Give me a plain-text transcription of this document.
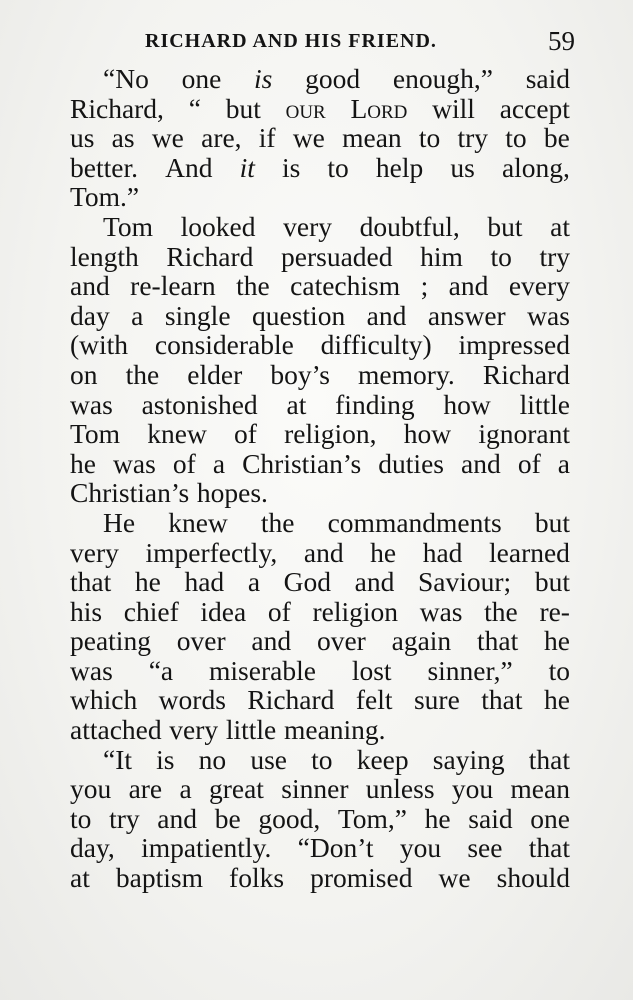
RICHARD AND HIS FRIEND.	59
“No one is good enough,” said
Richard, “ but our Lord will accept
us as we are, if we mean to try to be
better. And it is to help us along,
Tom.”
Tom looked very doubtful, but at
length Richard persuaded him to try
and re-learn the catechism ; and every
day a single question and answer was
(with considerable difficulty) impressed
on the elder boy’s memory. Richard
was astonished at finding how little
Tom knew of religion, how ignorant
he was of a Christian’s duties and of a
Christian’s hopes.
He knew the commandments but
very imperfectly, and he had learned
that he had a God and Saviour; but
his chief idea of religion was the re-
peating over and over again that he
was “a miserable lost sinner,” to
which words Richard felt sure that he
attached very little meaning.
“It is no use to keep saying that
you are a great sinner unless you mean
to try and be good, Tom,” he said one
day, impatiently. “Don’t you see that
at baptism folks promised we should
